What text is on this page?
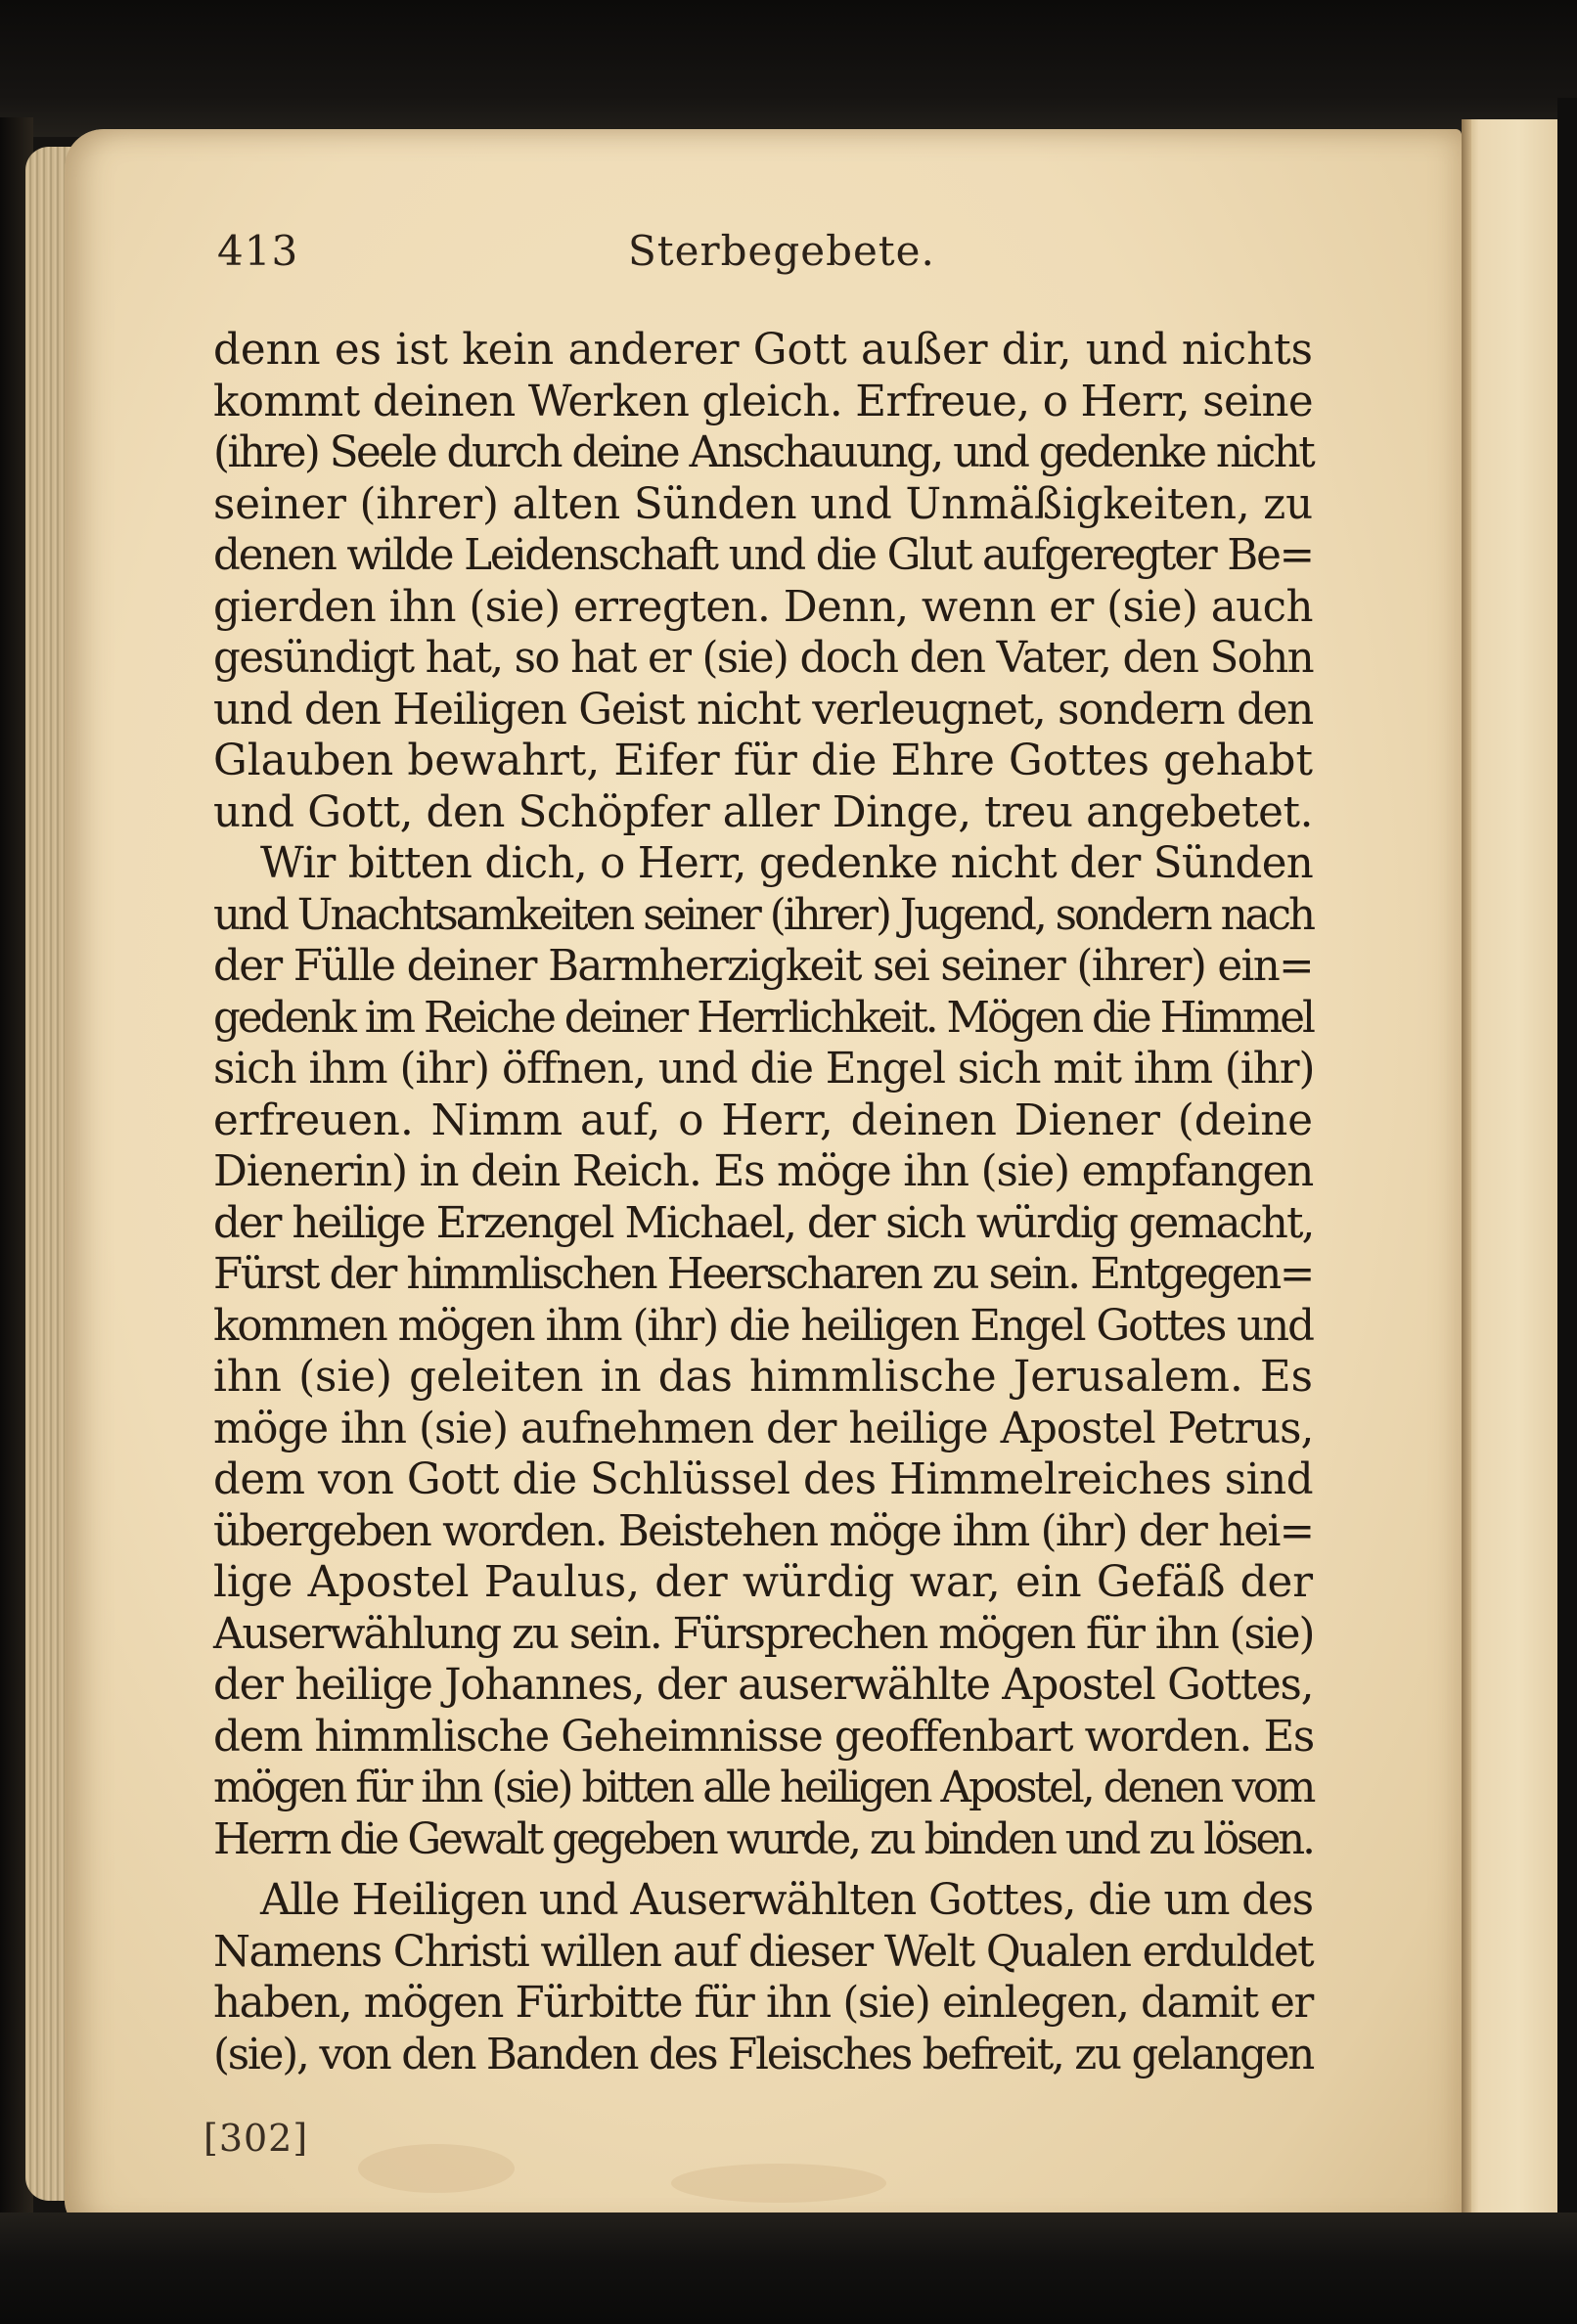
413	Sterbegebete.
denn es ist kein anderer Gott außer dir, und nichts
kommt deinen Werken gleich. Erfreue, o Herr, seine
(ihre) Seele durch deine Anschauung, und gedenke nicht
seiner (ihrer) alten Sünden und Unmäßigkeiten, zu
denen wilde Leidenschaft und die Glut aufgeregter Be=
gierden ihn (sie) erregten. Denn, wenn er (sie) auch
gesündigt hat, so hat er (sie) doch den Vater, den Sohn
und den Heiligen Geist nicht verleugnet, sondern den
Glauben bewahrt, Eifer für die Ehre Gottes gehabt
und Gott, den Schöpfer aller Dinge, treu angebetet.
Wir bitten dich, o Herr, gedenke nicht der Sünden
und Unachtsamkeiten seiner (ihrer) Jugend, sondern nach
der Fülle deiner Barmherzigkeit sei seiner (ihrer) ein=
gedenk im Reiche deiner Herrlichkeit. Mögen die Himmel
sich ihm (ihr) öffnen, und die Engel sich mit ihm (ihr)
erfreuen. Nimm auf, o Herr, deinen Diener (deine
Dienerin) in dein Reich. Es möge ihn (sie) empfangen
der heilige Erzengel Michael, der sich würdig gemacht,
Fürst der himmlischen Heerscharen zu sein. Entgegen=
kommen mögen ihm (ihr) die heiligen Engel Gottes und
ihn (sie) geleiten in das himmlische Jerusalem. Es
möge ihn (sie) aufnehmen der heilige Apostel Petrus,
dem von Gott die Schlüssel des Himmelreiches sind
übergeben worden. Beistehen möge ihm (ihr) der hei=
lige Apostel Paulus, der würdig war, ein Gefäß der
Auserwählung zu sein. Fürsprechen mögen für ihn (sie)
der heilige Johannes, der auserwählte Apostel Gottes,
dem himmlische Geheimnisse geoffenbart worden. Es
mögen für ihn (sie) bitten alle heiligen Apostel, denen vom
Herrn die Gewalt gegeben wurde, zu binden und zu lösen.
Alle Heiligen und Auserwählten Gottes, die um des
Namens Christi willen auf dieser Welt Qualen erduldet
haben, mögen Fürbitte für ihn (sie) einlegen, damit er
(sie), von den Banden des Fleisches befreit, zu gelangen
[302]
